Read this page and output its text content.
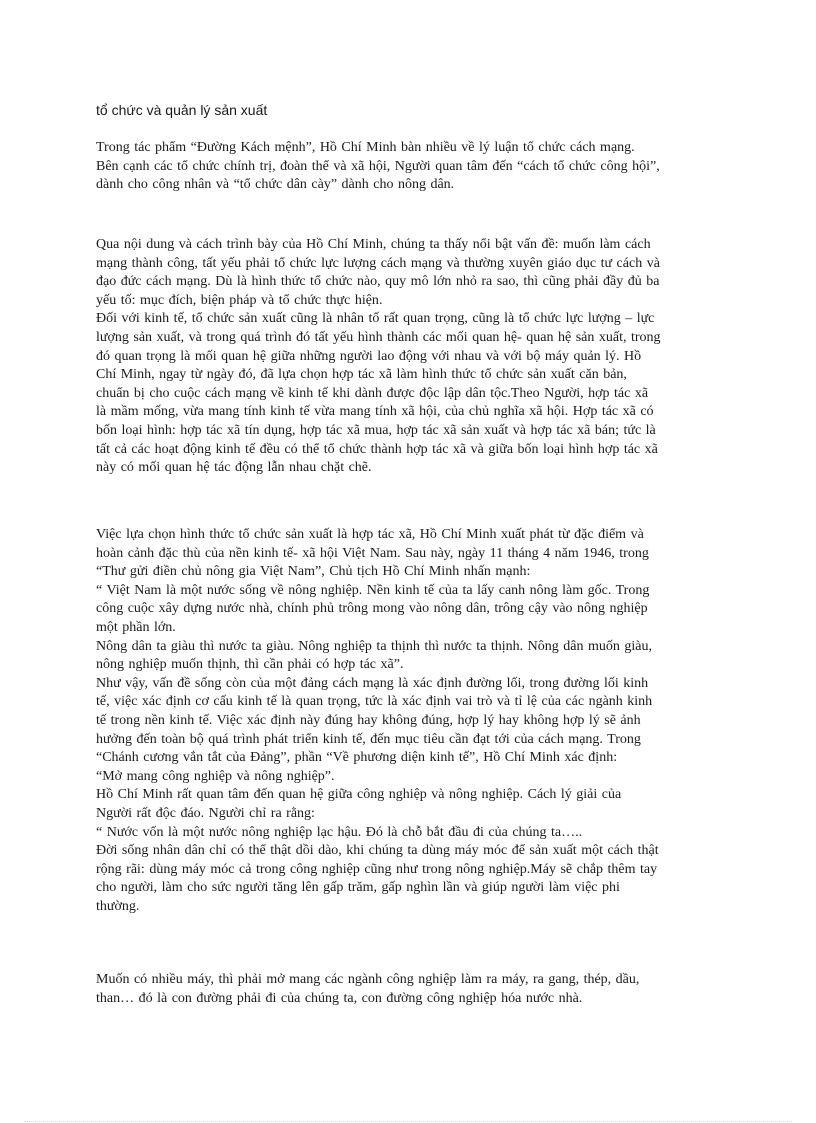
tổ chức và quản lý sản xuất
Trong tác phẩm “Đường Kách mệnh”, Hồ Chí Minh bàn nhiều về lý luận tổ chức cách mạng.
Bên cạnh các tổ chức chính trị, đoàn thể và xã hội, Người quan tâm đến “cách tổ chức công hội”,
dành cho công nhân và “tổ chức dân cày” dành cho nông dân.
Qua nội dung và cách trình bày của Hồ Chí Minh, chúng ta thấy nổi bật vấn đề: muốn làm cách
mạng thành công, tất yếu phải tổ chức lực lượng cách mạng và thường xuyên giáo dục tư cách và
đạo đức cách mạng. Dù là hình thức tổ chức nào, quy mô lớn nhỏ ra sao, thì cũng phải đầy đủ ba
yếu tố: mục đích, biện pháp và tổ chức thực hiện.
Đối với kinh tế, tổ chức sản xuất cũng là nhân tố rất quan trọng, cũng là tổ chức lực lượng – lực
lượng sản xuất, và trong quá trình đó tất yếu hình thành các mối quan hệ- quan hệ sản xuất, trong
đó quan trọng là mối quan hệ giữa những người lao động với nhau và với bộ máy quản lý. Hồ
Chí Minh, ngay từ ngày đó, đã lựa chọn hợp tác xã làm hình thức tổ chức sản xuất căn bản,
chuẩn bị cho cuộc cách mạng về kinh tế khi dành được độc lập dân tộc.Theo Người, hợp tác xã
là mầm mống, vừa mang tính kinh tế vừa mang tính xã hội, của chủ nghĩa xã hội. Hợp tác xã có
bốn loại hình: hợp tác xã tín dụng, hợp tác xã mua, hợp tác xã sản xuất và hợp tác xã bán; tức là
tất cả các hoạt động kinh tế đều có thể tổ chức thành hợp tác xã và giữa bốn loại hình hợp tác xã
này có mối quan hệ tác động lẫn nhau chặt chẽ.
Việc lựa chọn hình thức tổ chức sản xuất là hợp tác xã, Hồ Chí Minh xuất phát từ đặc điểm và
hoàn cảnh đặc thù của nền kinh tế- xã hội Việt Nam. Sau này, ngày 11 tháng 4 năm 1946, trong
“Thư gửi điền chủ nông gia Việt Nam”, Chủ tịch Hồ Chí Minh nhấn mạnh:
“ Việt Nam là một nước sống về nông nghiệp. Nền kinh tế của ta lấy canh nông làm gốc. Trong
công cuộc xây dựng nước nhà, chính phủ trông mong vào nông dân, trông cậy vào nông nghiệp
một phần lớn.
Nông dân ta giàu thì nước ta giàu. Nông nghiệp ta thịnh thì nước ta thịnh. Nông dân muốn giàu,
nông nghiệp muốn thịnh, thì cần phải có hợp tác xã”.
Như vậy, vấn đề sống còn của một đảng cách mạng là xác định đường lối, trong đường lối kinh
tế, việc xác định cơ cấu kinh tế là quan trọng, tức là xác định vai trò và tỉ lệ của các ngành kinh
tế trong nền kinh tế. Việc xác định này đúng hay không đúng, hợp lý hay không hợp lý sẽ ảnh
hưởng đến toàn bộ quá trình phát triển kinh tế, đến mục tiêu cần đạt tới của cách mạng. Trong
“Chánh cương vắn tắt của Đảng”, phần “Về phương diện kinh tế”, Hồ Chí Minh xác định:
“Mở mang công nghiệp và nông nghiệp”.
Hồ Chí Minh rất quan tâm đến quan hệ giữa công nghiệp và nông nghiệp. Cách lý giải của
Người rất độc đáo. Người chỉ ra rằng:
“ Nước vốn là một nước nông nghiệp lạc hậu. Đó là chỗ bắt đầu đi của chúng ta…..
Đời sống nhân dân chỉ có thể thật dồi dào, khi chúng ta dùng máy móc để sản xuất một cách thật
rộng rãi: dùng máy móc cả trong công nghiệp cũng như trong nông nghiệp.Máy sẽ chắp thêm tay
cho người, làm cho sức người tăng lên gấp trăm, gấp nghìn lần và giúp người làm việc phi
thường.
Muốn có nhiều máy, thì phải mở mang các ngành công nghiệp làm ra máy, ra gang, thép, dầu,
than… đó là con đường phải đi của chúng ta, con đường công nghiệp hóa nước nhà.
